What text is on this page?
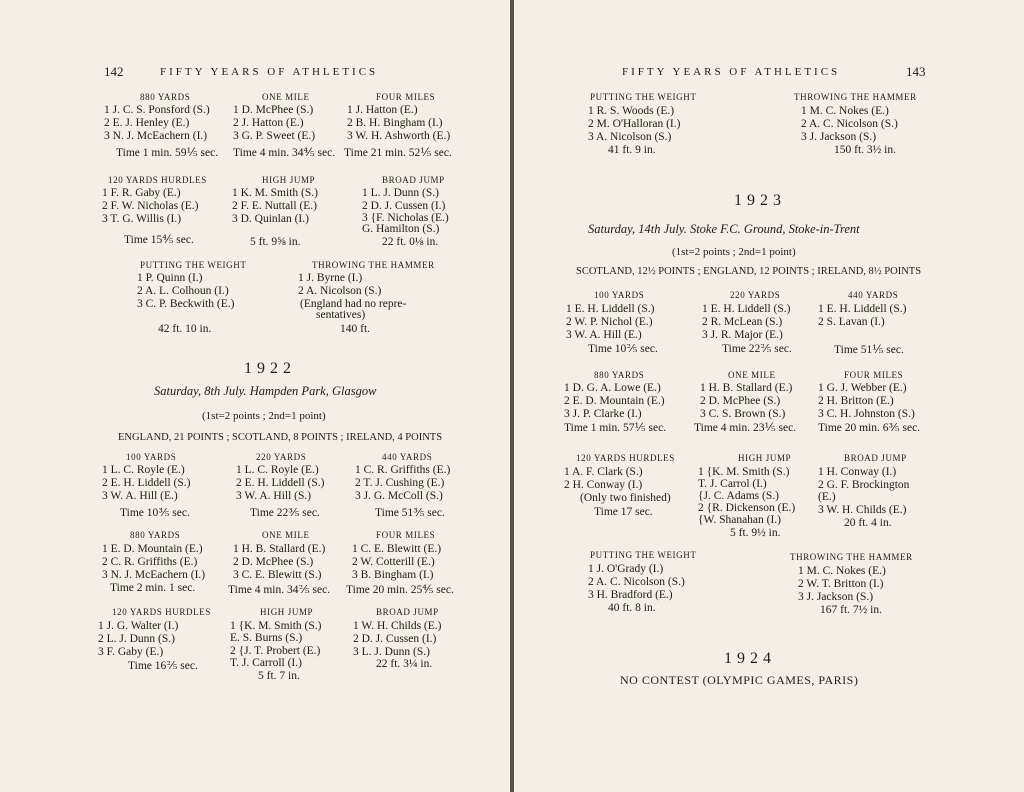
142	FIFTY YEARS OF ATHLETICS
880 YARDS
1 J. C. S. Ponsford (S.)
2 E. J. Henley (E.)
3 N. J. McEachern (I.)
Time 1 min. 59⅕ sec.
ONE MILE
1 D. McPhee (S.)
2 J. Hatton (E.)
3 G. P. Sweet (E.)
Time 4 min. 34⅘ sec.
FOUR MILES
1 J. Hatton (E.)
2 B. H. Bingham (I.)
3 W. H. Ashworth (E.)
Time 21 min. 52⅕ sec.
120 YARDS HURDLES
1 F. R. Gaby (E.)
2 F. W. Nicholas (E.)
3 T. G. Willis (I.)
Time 15⅘ sec.
HIGH JUMP
1 K. M. Smith (S.)
2 F. E. Nuttall (E.)
3 D. Quinlan (I.)
5 ft. 9⅝ in.
BROAD JUMP
1 L. J. Dunn (S.)
2 D. J. Cussen (I.)
3 {F. Nicholas (E.)
G. Hamilton (S.)
22 ft. 0⅛ in.
PUTTING THE WEIGHT
1 P. Quinn (I.)
2 A. L. Colhoun (I.)
3 C. P. Beckwith (E.)
42 ft. 10 in.
THROWING THE HAMMER
1 J. Byrne (I.)
2 A. Nicolson (S.)
(England had no repre-
sentatives)
140 ft.
1922
Saturday, 8th July. Hampden Park, Glasgow
(1st=2 points ; 2nd=1 point)
ENGLAND, 21 POINTS ; SCOTLAND, 8 POINTS ; IRELAND, 4 POINTS
100 YARDS
1 L. C. Royle (E.)
2 E. H. Liddell (S.)
3 W. A. Hill (E.)
Time 10⅗ sec.
220 YARDS
1 L. C. Royle (E.)
2 E. H. Liddell (S.)
3 W. A. Hill (S.)
Time 22⅗ sec.
440 YARDS
1 C. R. Griffiths (E.)
2 T. J. Cushing (E.)
3 J. G. McColl (S.)
Time 51⅗ sec.
880 YARDS
1 E. D. Mountain (E.)
2 C. R. Griffiths (E.)
3 N. J. McEachern (I.)
Time 2 min. 1 sec.
ONE MILE
1 H. B. Stallard (E.)
2 D. McPhee (S.)
3 C. E. Blewitt (S.)
Time 4 min. 34⅖ sec.
FOUR MILES
1 C. E. Blewitt (E.)
2 W. Cotterill (E.)
3 B. Bingham (I.)
Time 20 min. 25⅘ sec.
120 YARDS HURDLES
1 J. G. Walter (I.)
2 L. J. Dunn (S.)
3 F. Gaby (E.)
Time 16⅖ sec.
HIGH JUMP
1 {K. M. Smith (S.)
E. S. Burns (S.)
2 {J. T. Probert (E.)
T. J. Carroll (I.)
5 ft. 7 in.
BROAD JUMP
1 W. H. Childs (E.)
2 D. J. Cussen (I.)
3 L. J. Dunn (S.)
22 ft. 3¼ in.
FIFTY YEARS OF ATHLETICS	143
PUTTING THE WEIGHT
1 R. S. Woods (E.)
2 M. O'Halloran (I.)
3 A. Nicolson (S.)
41 ft. 9 in.
THROWING THE HAMMER
1 M. C. Nokes (E.)
2 A. C. Nicolson (S.)
3 J. Jackson (S.)
150 ft. 3½ in.
1923
Saturday, 14th July. Stoke F.C. Ground, Stoke-in-Trent
(1st=2 points ; 2nd=1 point)
SCOTLAND, 12½ POINTS ; ENGLAND, 12 POINTS ; IRELAND, 8½ POINTS
100 YARDS
1 E. H. Liddell (S.)
2 W. P. Nichol (E.)
3 W. A. Hill (E.)
Time 10⅖ sec.
220 YARDS
1 E. H. Liddell (S.)
2 R. McLean (S.)
3 J. R. Major (E.)
Time 22⅖ sec.
440 YARDS
1 E. H. Liddell (S.)
2 S. Lavan (I.)
Time 51⅕ sec.
880 YARDS
1 D. G. A. Lowe (E.)
2 E. D. Mountain (E.)
3 J. P. Clarke (I.)
Time 1 min. 57⅕ sec.
ONE MILE
1 H. B. Stallard (E.)
2 D. McPhee (S.)
3 C. S. Brown (S.)
Time 4 min. 23⅕ sec.
FOUR MILES
1 G. J. Webber (E.)
2 H. Britton (E.)
3 C. H. Johnston (S.)
Time 20 min. 6⅗ sec.
120 YARDS HURDLES
1 A. F. Clark (S.)
2 H. Conway (I.)
(Only two finished)
Time 17 sec.
HIGH JUMP
1 {K. M. Smith (S.)
T. J. Carrol (I.)
{J. C. Adams (S.)
2 {R. Dickenson (E.)
{W. Shanahan (I.)
5 ft. 9½ in.
BROAD JUMP
1 H. Conway (I.)
2 G. F. Brockington
(E.)
3 W. H. Childs (E.)
20 ft. 4 in.
PUTTING THE WEIGHT
1 J. O'Grady (I.)
2 A. C. Nicolson (S.)
3 H. Bradford (E.)
40 ft. 8 in.
THROWING THE HAMMER
1 M. C. Nokes (E.)
2 W. T. Britton (I.)
3 J. Jackson (S.)
167 ft. 7½ in.
1924
NO CONTEST (OLYMPIC GAMES, PARIS)
